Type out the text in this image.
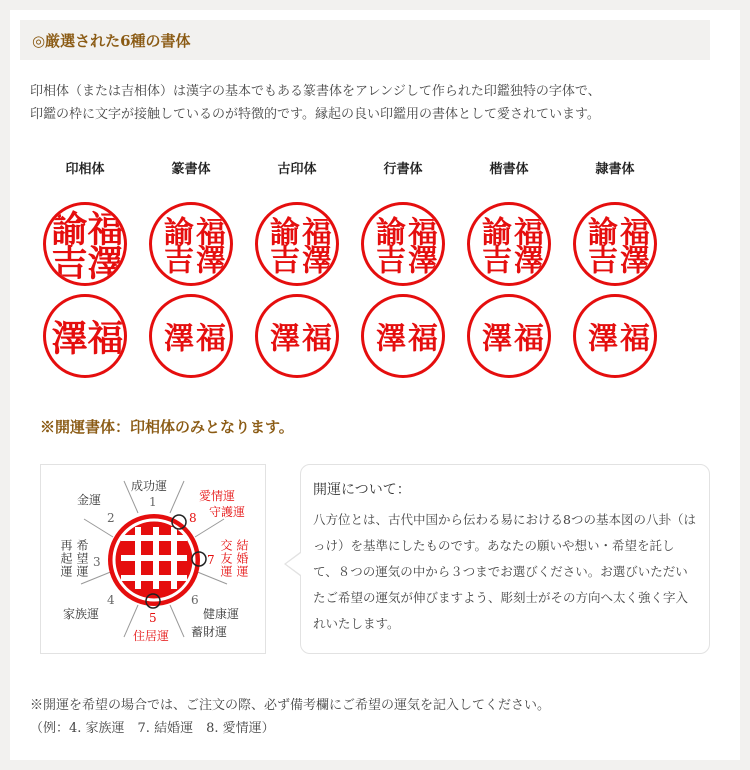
◎厳選された6種の書体
印相体（または吉相体）は漢字の基本でもある篆書体をアレンジして作られた印鑑独特の字体で、
印鑑の枠に文字が接触しているのが特徴的です。縁起の良い印鑑用の書体として愛されています。
印相体
福澤
諭吉
福
澤
篆書体
福澤
諭吉
福
澤
古印体
福澤
諭吉
福
澤
行書体
福澤
諭吉
福
澤
楷書体
福澤
諭吉
福
澤
隷書体
福澤
諭吉
福
澤
※開運書体：印相体のみとなります。
成功運
金運	愛情運
守護運
再起運 希望運	交友運 結婚運
家族運
住居運
健康運
蓄財運
1
2
3
4
5
6
7
8
開運について：

八方位とは、古代中国から伝わる易における8つの基本図の八卦（はっけ）を基準にしたものです。あなたの願いや想い・希望を託して、８つの運気の中から３つまでお選びください。お選びいただいたご希望の運気が伸びますよう、彫刻士がその方向へ太く強く字入れいたします。

※開運を希望の場合では、ご注文の際、必ず備考欄にご希望の運気を記入してください。
（例：4. 家族運　7. 結婚運　8. 愛情運）
